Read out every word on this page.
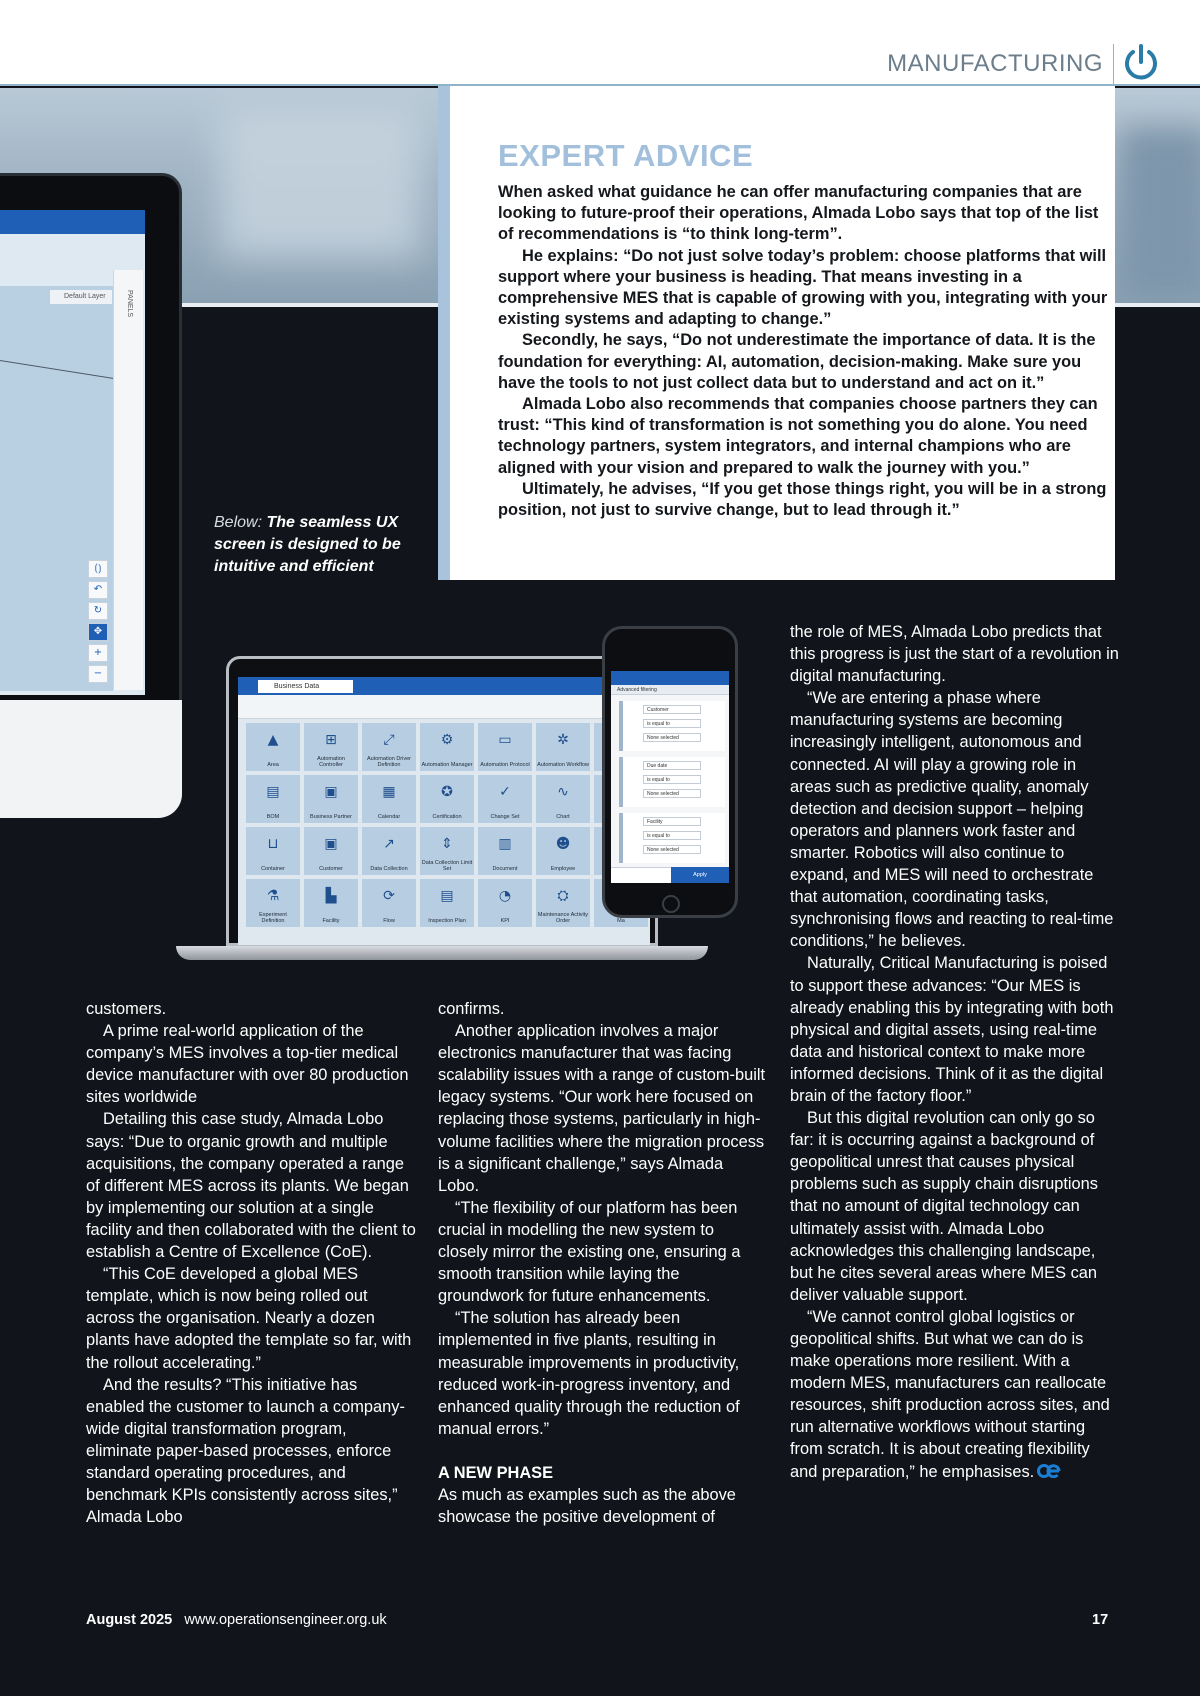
MANUFACTURING
Default Layer	PANELS
⟮⟯
↶
↻
✥
+
−
EXPERT ADVICE

When asked what guidance he can offer manufacturing companies that are looking to future-proof their operations, Almada Lobo says that top of the list of recommendations is “to think long-term”.

He explains: “Do not just solve today’s problem: choose platforms that will support where your business is heading. That means investing in a comprehensive MES that is capable of growing with you, integrating with your existing systems and adapting to change.”

Secondly, he says, “Do not underestimate the importance of data. It is the foundation for everything: AI, automation, decision-making. Make sure you have the tools to not just collect data but to understand and act on it.”

Almada Lobo also recommends that companies choose partners they can trust: “This kind of transformation is not something you do alone. You need technology partners, system integrators, and internal champions who are aligned with your vision and prepared to walk the journey with you.”

Ultimately, he advises, “If you get those things right, you will be in a strong position, not just to survive change, but to lead through it.”

Below: The seamless UX screen is designed to be intuitive and efficient
Business Data
▲
Area
⊞
Automation Controller
⤢
Automation Driver Definition
⚙
Automation Manager
▭
Automation Protocol
✲
Automation Workflow
▤
BOM
▣
Business Partner
▦
Calendar
✪
Certification
✓
Change Set
∿
Chart
⊔
Container
▣
Customer
↗
Data Collection
⇕
Data Collection Limit Set
▥
Document
☻
Employee
⚗
Experiment Definition
▙
Facility
⟳
Flow
▤
Inspection Plan
◔
KPI
⛭
Maintenance Activity Order	Ma
Advanced filtering
Customer
is equal to
None selected
Due date
is equal to
None selected
Facility
is equal to
None selected
Apply

customers.

A prime real-world application of the company’s MES involves a top-tier medical device manufacturer with over 80 production sites worldwide

Detailing this case study, Almada Lobo says: “Due to organic growth and multiple acquisitions, the company operated a range of different MES across its plants. We began by implementing our solution at a single facility and then collaborated with the client to establish a Centre of Excellence (CoE).

“This CoE developed a global MES template, which is now being rolled out across the organisation. Nearly a dozen plants have adopted the template so far, with the rollout accelerating.”

And the results? “This initiative has enabled the customer to launch a company-wide digital transformation program, eliminate paper-based processes, enforce standard operating procedures, and benchmark KPIs consistently across sites,” Almada Lobo

confirms.

Another application involves a major electronics manufacturer that was facing scalability issues with a range of custom-built legacy systems. “Our work here focused on replacing those systems, particularly in high-volume facilities where the migration process is a significant challenge,” says Almada Lobo.

“The flexibility of our platform has been crucial in modelling the new system to closely mirror the existing one, ensuring a smooth transition while laying the groundwork for future enhancements.

“The solution has already been implemented in five plants, resulting in measurable improvements in productivity, reduced work-in-progress inventory, and enhanced quality through the reduction of manual errors.”

A NEW PHASE

As much as examples such as the above showcase the positive development of

the role of MES, Almada Lobo predicts that this progress is just the start of a revolution in digital manufacturing.

“We are entering a phase where manufacturing systems are becoming increasingly intelligent, autonomous and connected. AI will play a growing role in areas such as predictive quality, anomaly detection and decision support – helping operators and planners work faster and smarter. Robotics will also continue to expand, and MES will need to orchestrate that automation, coordinating tasks, synchronising flows and reacting to real-time conditions,” he believes.

Naturally, Critical Manufacturing is poised to support these advances: “Our MES is already enabling this by integrating with both physical and digital assets, using real-time data and historical context to make more informed decisions. Think of it as the digital brain of the factory floor.”

But this digital revolution can only go so far: it is occurring against a background of geopolitical unrest that causes physical problems such as supply chain disruptions that no amount of digital technology can ultimately assist with. Almada Lobo acknowledges this challenging landscape, but he cites several areas where MES can deliver valuable support.

“We cannot control global logistics or geopolitical shifts. But what we can do is make operations more resilient. With a modern MES, manufacturers can reallocate resources, shift production across sites, and run alternative workflows without starting from scratch. It is about creating flexibility and preparation,” he emphasises.

August 2025 www.operationsengineer.org.uk	17
